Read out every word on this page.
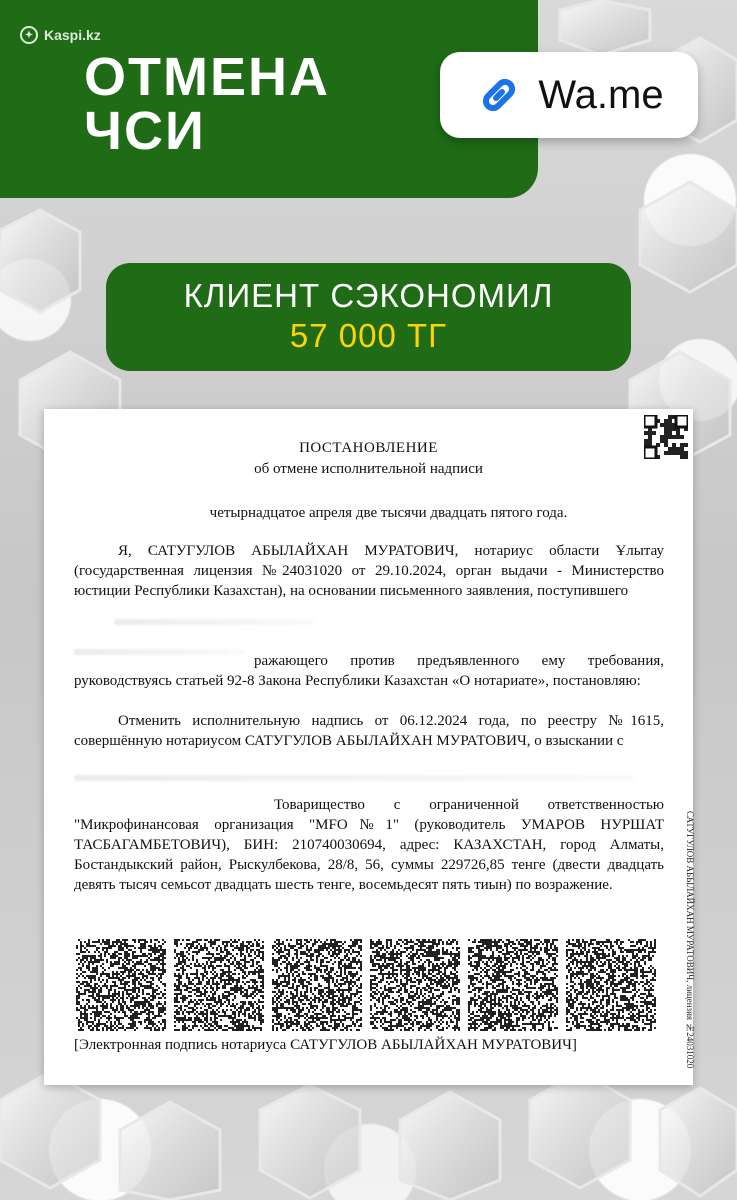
✦ Kaspi.kz
ОТМЕНА
ЧСИ
Wa.me
КЛИЕНТ СЭКОНОМИЛ
57 000 ТГ
ПОСТАНОВЛЕНИЕ
об отмене исполнительной надписи
четырнадцатое апреля две тысячи двадцать пятого года.
Я, САТУГУЛОВ АБЫЛАЙХАН МУРАТОВИЧ, нотариус области Ұлытау (государственная лицензия №24031020 от 29.10.2024, орган выдачи - Министерство юстиции Республики Казахстан), на основании письменного заявления, поступившего
ражающего против предъявленного ему требования, руководствуясь статьей 92-8 Закона Республики Казахстан «О нотариате», постановляю:
Отменить исполнительную надпись от 06.12.2024 года, по реестру №1615, совершённую нотариусом САТУГУЛОВ АБЫЛАЙХАН МУРАТОВИЧ, о взыскании с
Товарищество с ограниченной ответственностью "Микрофинансовая организация "MFO№1" (руководитель УМАРОВ НУРШАТ ТАСБАГАМБЕТОВИЧ), БИН: 210740030694, адрес: КАЗАХСТАН, город Алматы, Бостандыкский район, Рыскулбекова, 28/8, 56, суммы 229726,85 тенге (двести двадцать девять тысяч семьсот двадцать шесть тенге, восемьдесят пять тиын) по возражение.	САТУГУЛОВ АБЫЛАЙХАН МУРАТОВИЧ, лицензия №24031020
[Электронная подпись нотариуса САТУГУЛОВ АБЫЛАЙХАН МУРАТОВИЧ]
